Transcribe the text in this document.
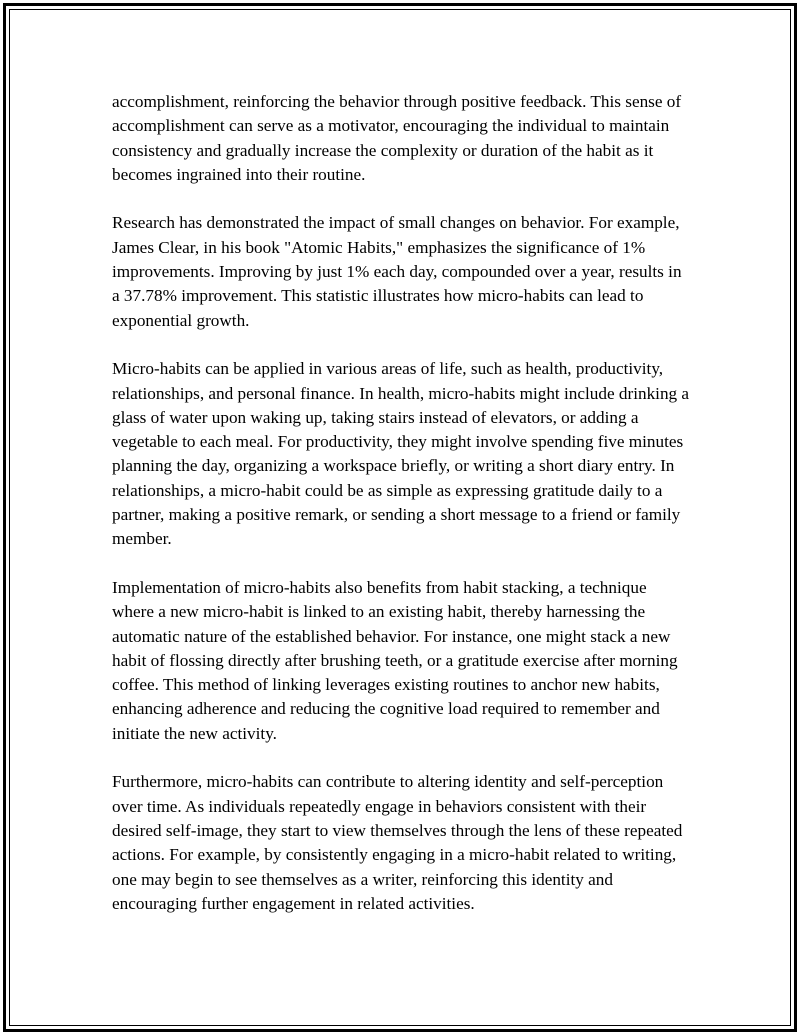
accomplishment, reinforcing the behavior through positive feedback. This sense of accomplishment can serve as a motivator, encouraging the individual to maintain consistency and gradually increase the complexity or duration of the habit as it becomes ingrained into their routine.

Research has demonstrated the impact of small changes on behavior. For example, James Clear, in his book "Atomic Habits," emphasizes the significance of 1% improvements. Improving by just 1% each day, compounded over a year, results in a 37.78% improvement. This statistic illustrates how micro-habits can lead to exponential growth.

Micro-habits can be applied in various areas of life, such as health, productivity, relationships, and personal finance. In health, micro-habits might include drinking a glass of water upon waking up, taking stairs instead of elevators, or adding a vegetable to each meal. For productivity, they might involve spending five minutes planning the day, organizing a workspace briefly, or writing a short diary entry. In relationships, a micro-habit could be as simple as expressing gratitude daily to a partner, making a positive remark, or sending a short message to a friend or family member.

Implementation of micro-habits also benefits from habit stacking, a technique where a new micro-habit is linked to an existing habit, thereby harnessing the automatic nature of the established behavior. For instance, one might stack a new habit of flossing directly after brushing teeth, or a gratitude exercise after morning coffee. This method of linking leverages existing routines to anchor new habits, enhancing adherence and reducing the cognitive load required to remember and initiate the new activity.

Furthermore, micro-habits can contribute to altering identity and self-perception over time. As individuals repeatedly engage in behaviors consistent with their desired self-image, they start to view themselves through the lens of these repeated actions. For example, by consistently engaging in a micro-habit related to writing, one may begin to see themselves as a writer, reinforcing this identity and encouraging further engagement in related activities.
